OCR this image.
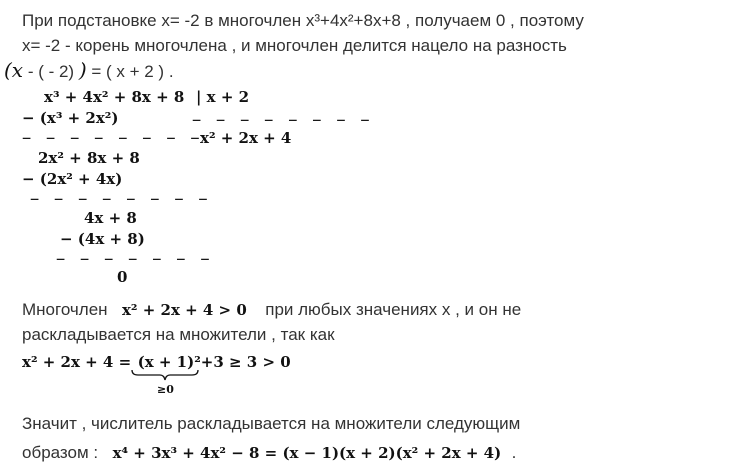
При подстановке x= -2 в многочлен x³+4x²+8x+8 , получаем 0 , поэтому
x= -2 - корень многочлена , и многочлен делится нацело на разность
(x - ( - 2) ) = ( x + 2 ) .
x³ + 4x² + 8x + 8 | x + 2
− (x³ + 2x²)	− − − − − − − −
− − − − − − − −
x² + 2x + 4
2x² + 8x + 8
− (2x² + 4x)
− − − − − − − −
4x + 8
− (4x + 8)
− − − − − − −
0
Многочлен x² + 2x + 4 > 0 при любых значениях x , и он не
раскладывается на множители , так как
x² + 2x + 4 = (x + 1)²+3 ≥ 3 > 0
≥0
Значит , числитель раскладывается на множители следующим
образом : x⁴ + 3x³ + 4x² − 8 = (x − 1)(x + 2)(x² + 2x + 4) .
